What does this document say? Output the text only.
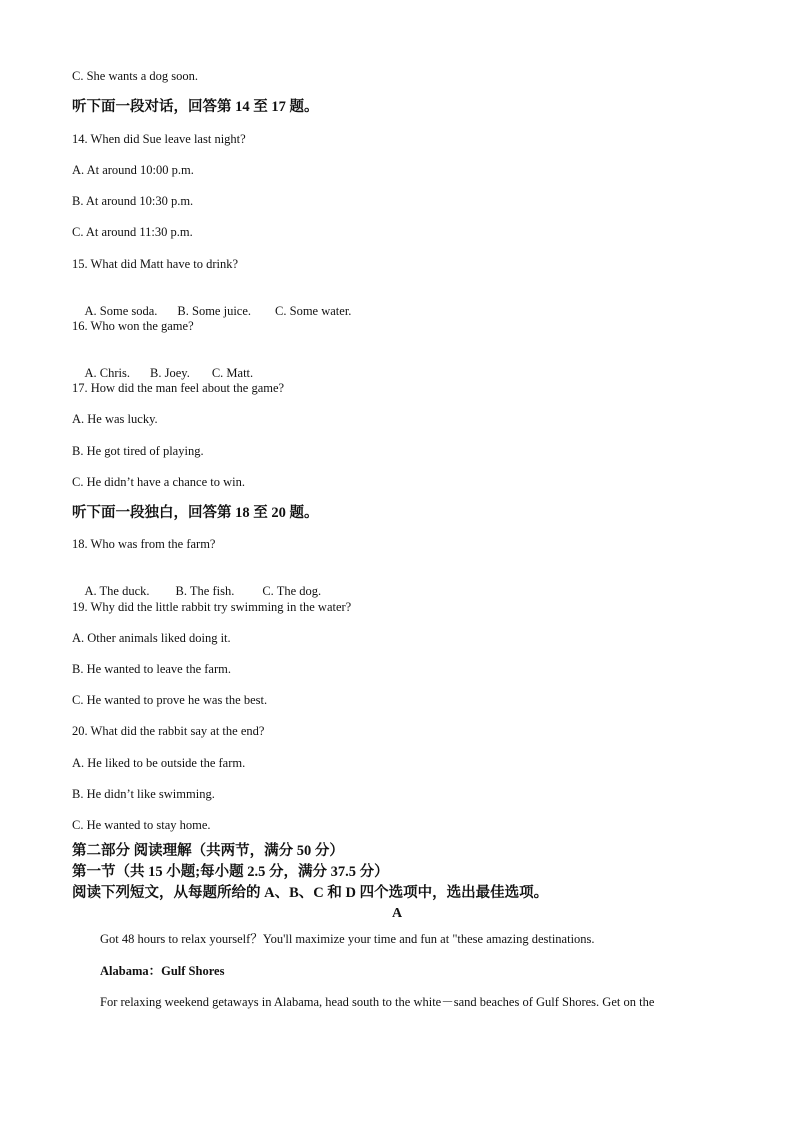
C. She wants a dog soon.
听下面一段对话，回答第 14 至 17 题。
14. When did Sue leave last night?
A. At around 10:00 p.m.
B. At around 10:30 p.m.
C. At around 11:30 p.m.
15. What did Matt have to drink?

A. Some soda. B. Some juice. C. Some water.

16. Who won the game?

A. Chris. B. Joey. C. Matt.

17. How did the man feel about the game?
A. He was lucky.
B. He got tired of playing.
C. He didn’t have a chance to win.
听下面一段独白，回答第 18 至 20 题。
18. Who was from the farm?

A. The duck. B. The fish. C. The dog.

19. Why did the little rabbit try swimming in the water?
A. Other animals liked doing it.
B. He wanted to leave the farm.
C. He wanted to prove he was the best.
20. What did the rabbit say at the end?
A. He liked to be outside the farm.
B. He didn’t like swimming.
C. He wanted to stay home.
第二部分 阅读理解（共两节，满分 50 分）
第一节（共 15 小题;每小题 2.5 分，满分 37.5 分）
阅读下列短文，从每题所给的 A、B、C 和 D 四个选项中，选出最佳选项。
A
Got 48 hours to relax yourself？You'll maximize your time and fun at "these amazing destinations.
Alabama：Gulf Shores
For relaxing weekend getaways in Alabama, head south to the white－sand beaches of Gulf Shores. Get on the
